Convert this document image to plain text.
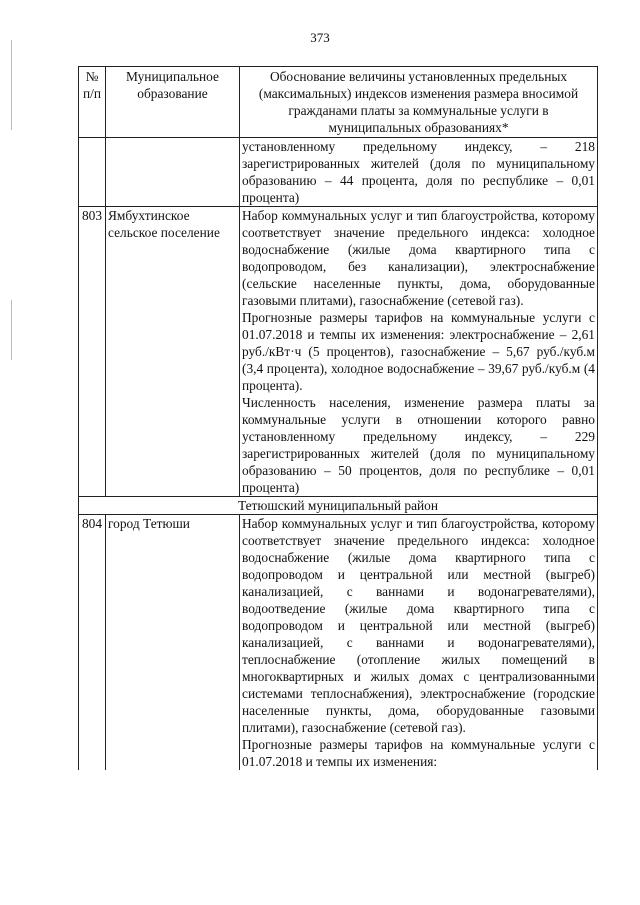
373
№ п/п	Муниципальное образование	Обоснование величины установленных предельных (максимальных) индексов изменения размера вносимой гражданами платы за коммунальные услуги в муниципальных образованиях*

		установленному предельному индексу, – 218 зарегистрированных жителей (доля по муниципальному образованию – 44 процента, доля по республике – 0,01 процента)

803	Ямбухтинское сельское поселение	Набор коммунальных услуг и тип благоустройства, которому соответствует значение предельного индекса: холодное водоснабжение (жилые дома квартирного типа с водопроводом, без канализации), электроснабжение (сельские населенные пункты, дома, оборудованные газовыми плитами), газоснабжение (сетевой газ).
Прогнозные размеры тарифов на коммунальные услуги с 01.07.2018 и темпы их изменения: электроснабжение – 2,61 руб./кВт·ч (5 процентов), газоснабжение – 5,67 руб./куб.м (3,4 процента), холодное водоснабжение – 39,67 руб./куб.м (4 процента).
Численность населения, изменение размера платы за коммунальные услуги в отношении которого равно установленному предельному индексу, – 229 зарегистрированных жителей (доля по муниципальному образованию – 50 процентов, доля по республике – 0,01 процента)

Тетюшский муниципальный район		
804	город Тетюши	Набор коммунальных услуг и тип благоустройства, которому соответствует значение предельного индекса: холодное водоснабжение (жилые дома квартирного типа с водопроводом и центральной или местной (выгреб) канализацией, с ваннами и водонагревателями), водоотведение (жилые дома квартирного типа с водопроводом и центральной или местной (выгреб) канализацией, с ваннами и водонагревателями), теплоснабжение (отопление жилых помещений в многоквартирных и жилых домах с централизованными системами теплоснабжения), электроснабжение (городские населенные пункты, дома, оборудованные газовыми плитами), газоснабжение (сетевой газ).
Прогнозные размеры тарифов на коммунальные услуги с 01.07.2018 и темпы их изменения:
